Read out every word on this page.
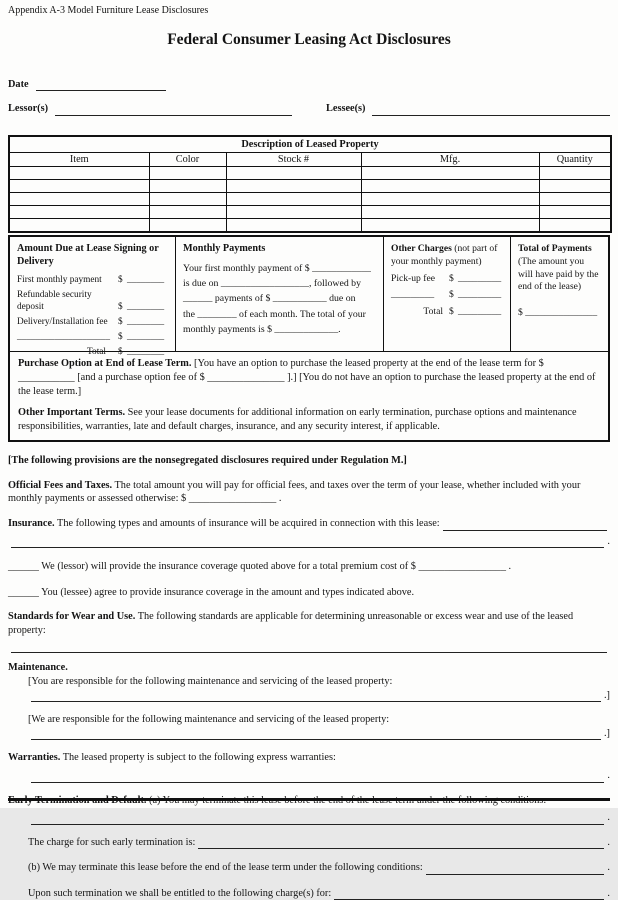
Appendix A-3 Model Furniture Lease Disclosures
Federal Consumer Leasing Act Disclosures
Date
Lessor(s)	Lessee(s)
Description of Leased Property				
Item	Color	Stock #	Mfg.	Quantity

Amount Due at Lease Signing or Delivery
First monthly payment	$ ________
Refundable security deposit	$ ________
Delivery/Installation fee	$ ________
____________________ $ ________
Total	$ ________
Monthly Payments
Your first monthly payment of $ ____________
is due on __________________, followed by
______ payments of $ ___________ due on
the ________ of each month. The total of your
monthly payments is $ _____________.
Other Charges (not part of your monthly payment)
Pick-up fee	$ _________
_________	$ _________
Total $ _________
Total of Payments (The amount you will have paid by the end of the lease)
$ _______________
Purchase Option at End of Lease Term. [You have an option to purchase the leased property at the end of the lease term for $ ___________ [and a purchase option fee of $ _______________ ].] [You do not have an option to purchase the leased property at the end of the lease term.]
Other Important Terms. See your lease documents for additional information on early termination, purchase options and maintenance responsibilities, warranties, late and default charges, insurance, and any security interest, if applicable.

[The following provisions are the nonsegregated disclosures required under Regulation M.]

Official Fees and Taxes. The total amount you will pay for official fees, and taxes over the term of your lease, whether included with your monthly payments or assessed otherwise: $ _________________ .

Insurance. The following types and amounts of insurance will be acquired in connection with this lease:
.

______ We (lessor) will provide the insurance coverage quoted above for a total premium cost of $ _________________ .

______ You (lessee) agree to provide insurance coverage in the amount and types indicated above.

Standards for Wear and Use. The following standards are applicable for determining unreasonable or excess wear and use of the leased property:

Maintenance.

[You are responsible for the following maintenance and servicing of the leased property:

.]

[We are responsible for the following maintenance and servicing of the leased property:

.]

Warranties. The leased property is subject to the following express warranties:

.

.
The charge for such early termination is:	.
(b) We may terminate this lease before the end of the lease term under the following conditions:	.
Upon such termination we shall be entitled to the following charge(s) for:	.
